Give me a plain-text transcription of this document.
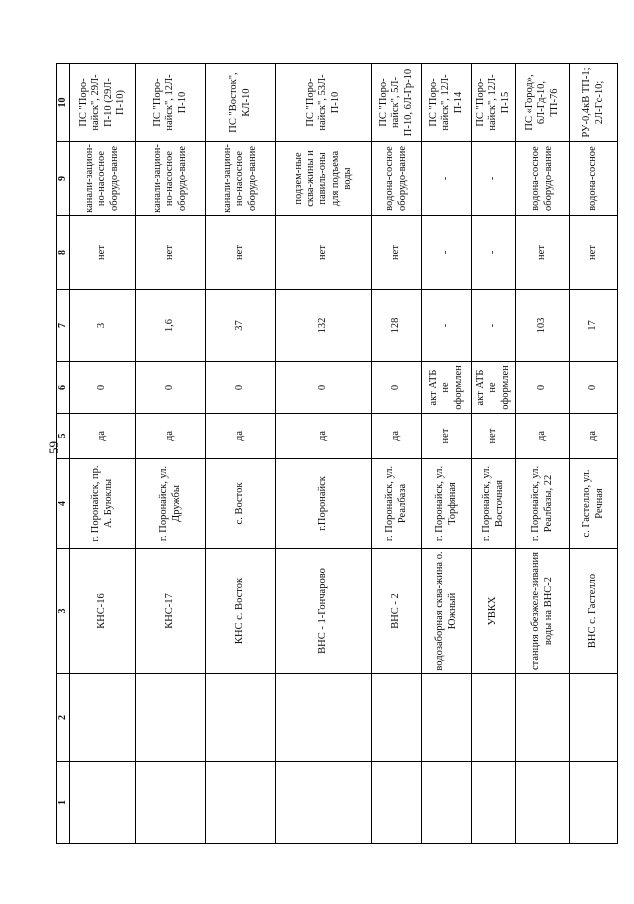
59
1	2	3	4	5	6	7	8	9	10
		КНС-16	г. Поронайск, пр. А. Буюклы	да	0	3	нет	канали-зацион-но-насосное оборудо-вание	ПС "Поро-найск", 29Л-П-10 (29Л-П-10)
		КНС-17	г. Поронайск, ул. Дружбы	да	0	1,6	нет	канали-зацион-но-насосное оборудо-вание	ПС "Поро-найск", 12Л-П-10
		КНС с. Восток	с. Восток	да	0	37	нет	канали-зацион-но-насосное оборудо-вание	ПС "Восток", КЛ-10
		ВНС - 1-Гончарово	г.Поронайск	да	0	132	нет	подзем-ные сква-жины и павиль-оны для подъема воды	ПС "Поро-найск", 53Л-П-10
		ВНС - 2	г. Поронайск, ул. Реалбаза	да	0	128	нет	водона-сосное оборудо-вание	ПС "Поро-найск", 5Л-П-10, 6Л-Гр-10
		водозаборная сква-жина о. Южный	г. Поронайск, ул. Торфяная	нет	акт АТБ не оформлен	-	-	-	ПС "Поро-найск", 12Л-П-14
		УВКХ	г. Поронайск, ул. Восточная	нет	акт АТБ не оформлен	-	-	-	ПС "Поро-найск", 12Л-П-15
		станция обезжеле-зивания воды на ВНС-2	г. Поронайск, ул. Реалбазы, 22	да	0	103	нет	водона-сосное оборудо-вание	ПС «Город», 6Л-Гд-10, ТП-76
		ВНС с. Гастелло	с. Гастелло, ул. Речная	да	0	17	нет	водона-сосное	РУ-0,4кВ ТП-1; 2Л-Гс-10;
